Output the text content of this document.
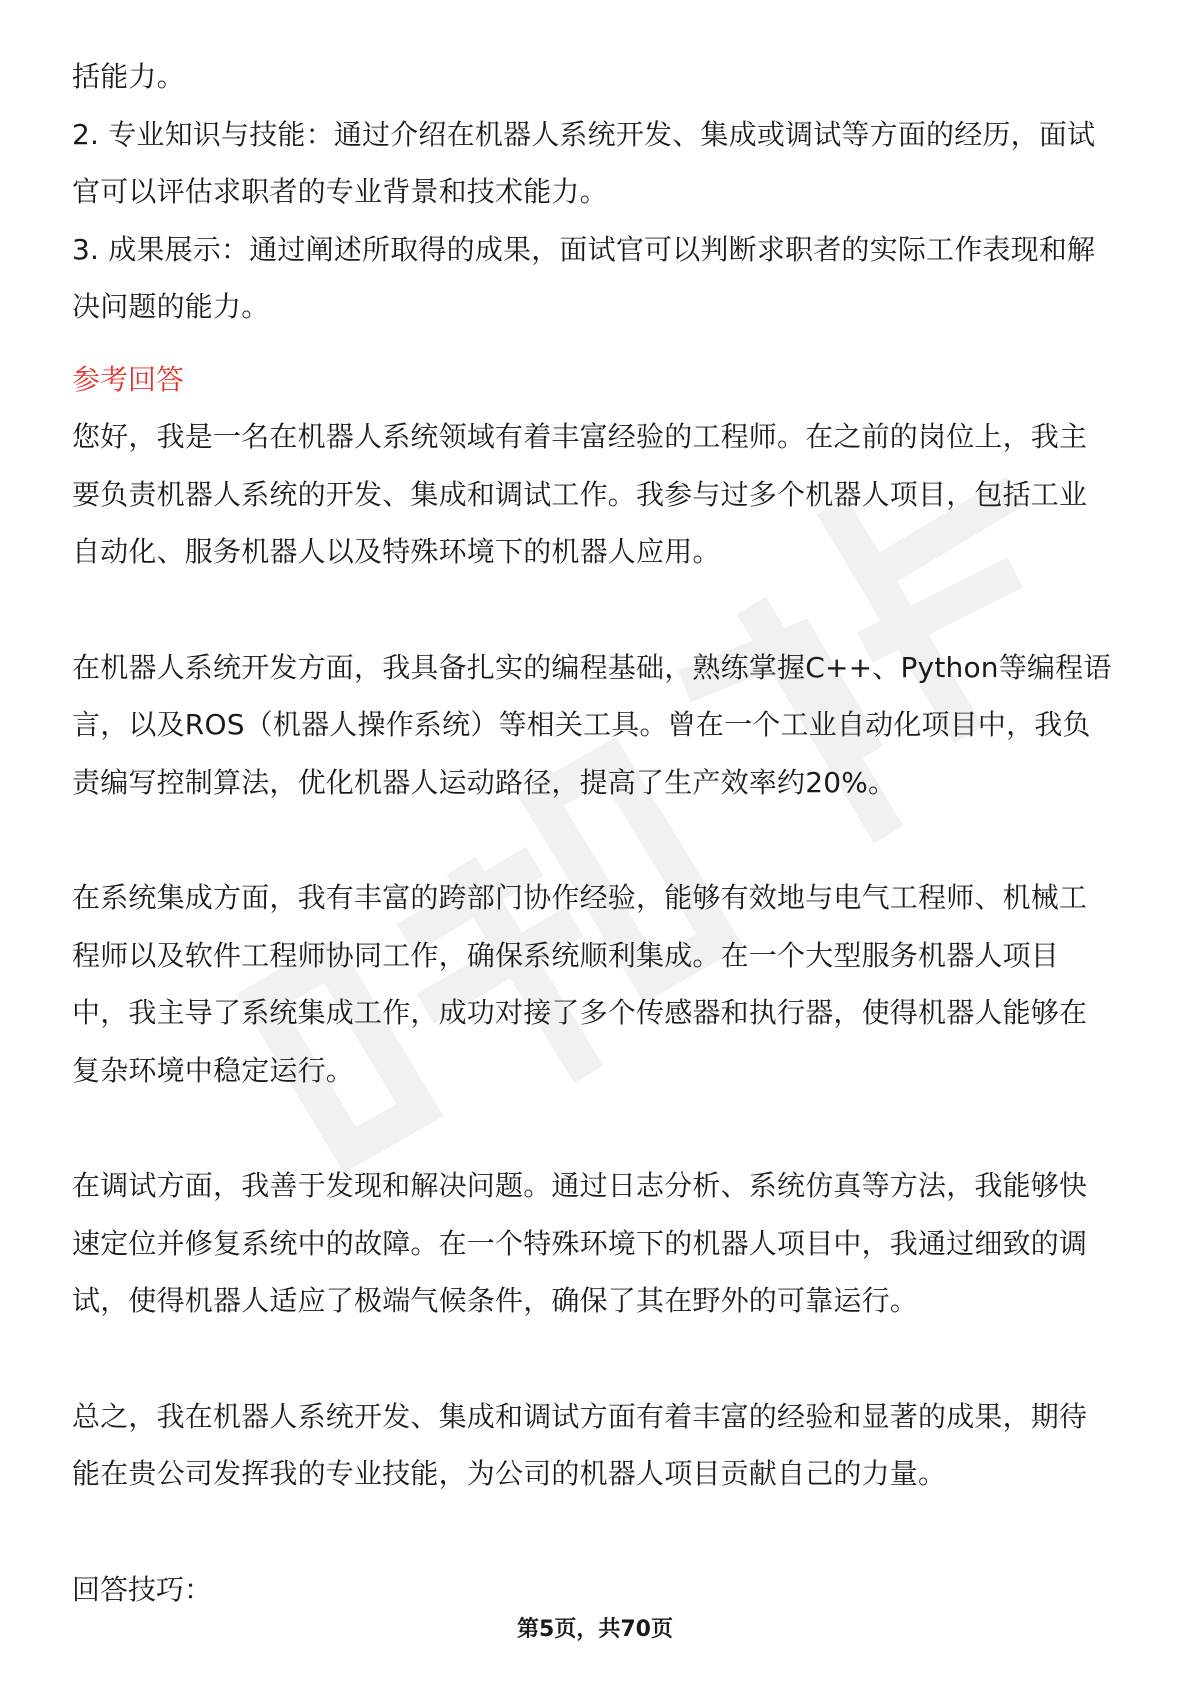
括能力。
2. 专业知识与技能：通过介绍在机器人系统开发、集成或调试等方面的经历，面试
官可以评估求职者的专业背景和技术能力。
3. 成果展示：通过阐述所取得的成果，面试官可以判断求职者的实际工作表现和解
决问题的能力。
参考回答
您好，我是一名在机器人系统领域有着丰富经验的工程师。在之前的岗位上，我主
要负责机器人系统的开发、集成和调试工作。我参与过多个机器人项目，包括工业
自动化、服务机器人以及特殊环境下的机器人应用。
在机器人系统开发方面，我具备扎实的编程基础，熟练掌握C++、Python等编程语
言，以及ROS（机器人操作系统）等相关工具。曾在一个工业自动化项目中，我负
责编写控制算法，优化机器人运动路径，提高了生产效率约20%。
在系统集成方面，我有丰富的跨部门协作经验，能够有效地与电气工程师、机械工
程师以及软件工程师协同工作，确保系统顺利集成。在一个大型服务机器人项目
中，我主导了系统集成工作，成功对接了多个传感器和执行器，使得机器人能够在
复杂环境中稳定运行。
在调试方面，我善于发现和解决问题。通过日志分析、系统仿真等方法，我能够快
速定位并修复系统中的故障。在一个特殊环境下的机器人项目中，我通过细致的调
试，使得机器人适应了极端气候条件，确保了其在野外的可靠运行。
总之，我在机器人系统开发、集成和调试方面有着丰富的经验和显著的成果，期待
能在贵公司发挥我的专业技能，为公司的机器人项目贡献自己的力量。
回答技巧：
第5页，共70页
